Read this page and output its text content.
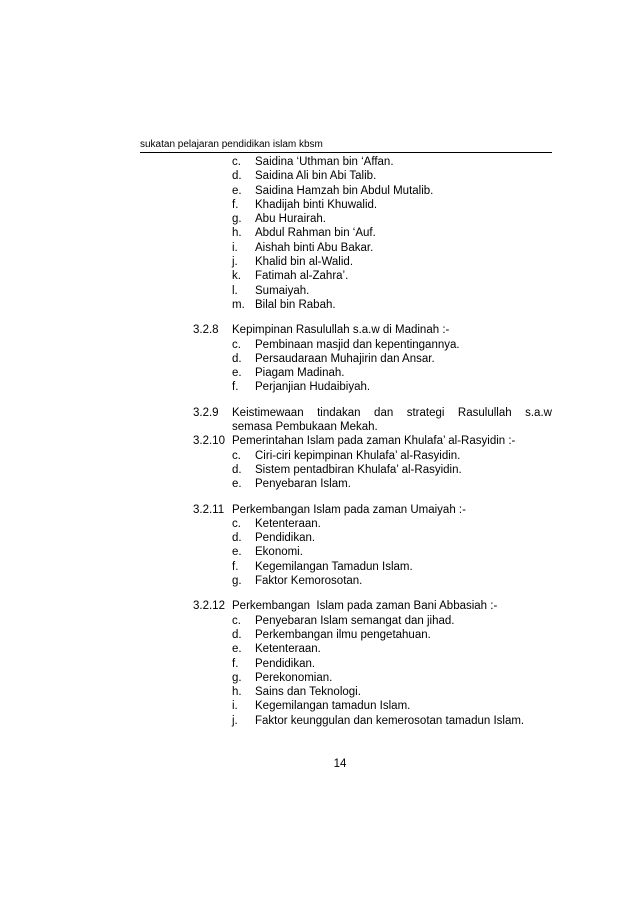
sukatan pelajaran pendidikan islam kbsm
c. Saidina ‘Uthman bin ‘Affan.
d. Saidina Ali bin Abi Talib.
e. Saidina Hamzah bin Abdul Mutalib.
f. Khadijah binti Khuwalid.
g. Abu Hurairah.
h. Abdul Rahman bin ‘Auf.
i. Aishah binti Abu Bakar.
j. Khalid bin al-Walid.
k. Fatimah al-Zahra’.
l. Sumaiyah.
m. Bilal bin Rabah.
3.2.8 Kepimpinan Rasulullah s.a.w di Madinah :-
c. Pembinaan masjid dan kepentingannya.
d. Persaudaraan Muhajirin dan Ansar.
e. Piagam Madinah.
f. Perjanjian Hudaibiyah.
3.2.9 Keistimewaan tindakan dan strategi Rasulullah s.a.w
semasa Pembukaan Mekah.
3.2.10 Pemerintahan Islam pada zaman Khulafa’ al-Rasyidin :-
c. Ciri-ciri kepimpinan Khulafa’ al-Rasyidin.
d. Sistem pentadbiran Khulafa’ al-Rasyidin.
e. Penyebaran Islam.
3.2.11 Perkembangan Islam pada zaman Umaiyah :-
c. Ketenteraan.
d. Pendidikan.
e. Ekonomi.
f. Kegemilangan Tamadun Islam.
g. Faktor Kemorosotan.
3.2.12 Perkembangan  Islam pada zaman Bani Abbasiah :-
c. Penyebaran Islam semangat dan jihad.
d. Perkembangan ilmu pengetahuan.
e. Ketenteraan.
f. Pendidikan.
g. Perekonomian.
h. Sains dan Teknologi.
i. Kegemilangan tamadun Islam.
j. Faktor keunggulan dan kemerosotan tamadun Islam.
14
